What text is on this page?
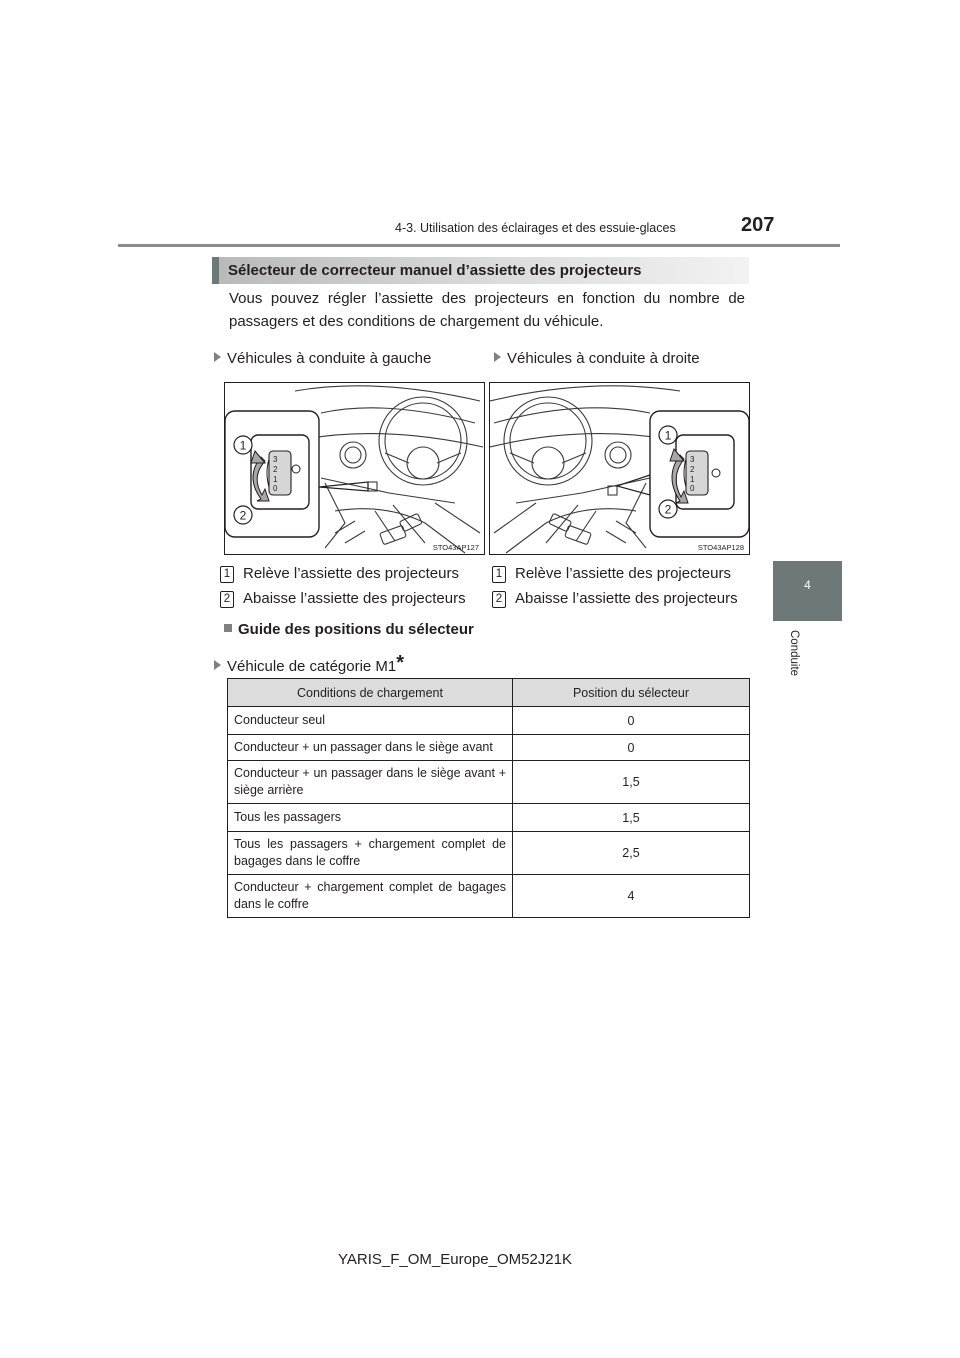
4-3. Utilisation des éclairages et des essuie-glaces	207
4
Conduite
Sélecteur de correcteur manuel d’assiette des projecteurs
Vous pouvez régler l’assiette des projecteurs en fonction du nombre de passagers et des conditions de chargement du véhicule.
Véhicules à conduite à gauche	Véhicules à conduite à droite
3
2
1
0
1
2
STO43AP127
3
2
1
0
1
2
STO43AP128
1 Relève l’assiette des projecteurs
2 Abaisse l’assiette des projecteurs
1 Relève l’assiette des projecteurs
2 Abaisse l’assiette des projecteurs
Guide des positions du sélecteur
Véhicule de catégorie M1*
Conditions de chargement	Position du sélecteur
Conducteur seul	0
Conducteur + un passager dans le siège avant	0
Conducteur + un passager dans le siège avant + siège arrière	1,5
Tous les passagers	1,5
Tous les passagers + chargement complet de bagages dans le coffre	2,5
Conducteur + chargement complet de bagages dans le coffre	4
YARIS_F_OM_Europe_OM52J21K
